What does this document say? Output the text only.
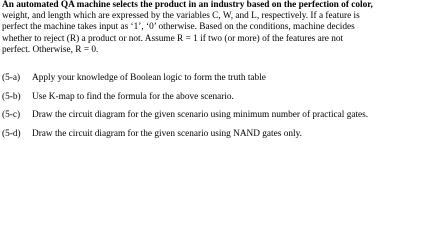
An automated QA machine selects the product in an industry based on the perfection of color,
weight, and length which are expressed by the variables C, W, and L, respectively. If a feature is
perfect the machine takes input as ‘1’, ‘0’ otherwise. Based on the conditions, machine decides
whether to reject (R) a product or not. Assume R = 1 if two (or more) of the features are not
perfect. Otherwise, R = 0.
(5-a) Apply your knowledge of Boolean logic to form the truth table
(5-b) Use K-map to find the formula for the above scenario.
(5-c) Draw the circuit diagram for the given scenario using minimum number of practical gates.
(5-d) Draw the circuit diagram for the given scenario using NAND gates only.
